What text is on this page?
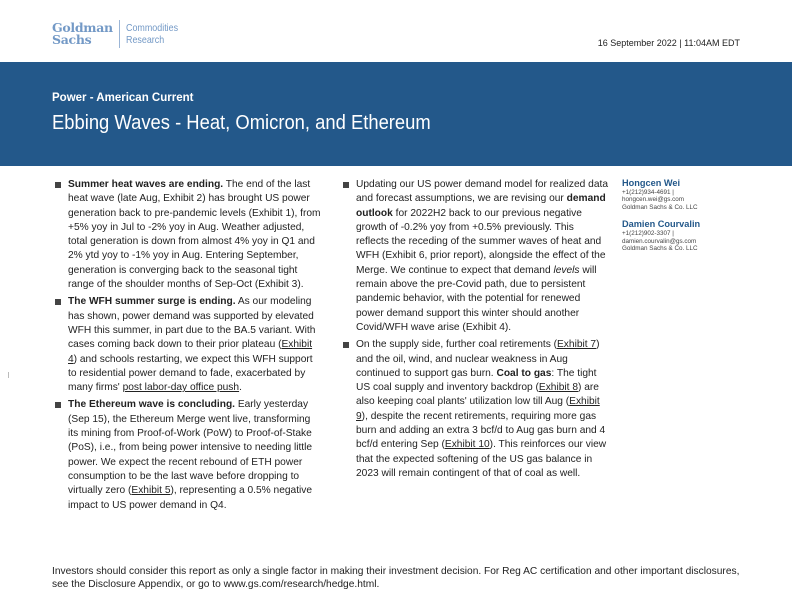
Goldman
Sachs
Commodities
Research	16 September 2022 | 11:04AM EDT
Power - American Current
Ebbing Waves - Heat, Omicron, and Ethereum
Summer heat waves are ending. The end of the last heat wave (late Aug, Exhibit 2) has brought US power generation back to pre-pandemic levels (Exhibit 1), from +5% yoy in Jul to -2% yoy in Aug. Weather adjusted, total generation is down from almost 4% yoy in Q1 and 2% ytd yoy to -1% yoy in Aug. Entering September, generation is converging back to the seasonal tight range of the shoulder months of Sep-Oct (Exhibit 3).
The WFH summer surge is ending. As our modeling has shown, power demand was supported by elevated WFH this summer, in part due to the BA.5 variant. With cases coming back down to their prior plateau (Exhibit 4) and schools restarting, we expect this WFH support to residential power demand to fade, exacerbated by many firms' post labor-day office push.
The Ethereum wave is concluding. Early yesterday (Sep 15), the Ethereum Merge went live, transforming its mining from Proof-of-Work (PoW) to Proof-of-Stake (PoS), i.e., from being power intensive to needing little power. We expect the recent rebound of ETH power consumption to be the last wave before dropping to virtually zero (Exhibit 5), representing a 0.5% negative impact to US power demand in Q4.
Updating our US power demand model for realized data and forecast assumptions, we are revising our demand outlook for 2022H2 back to our previous negative growth of -0.2% yoy from +0.5% previously. This reflects the receding of the summer waves of heat and WFH (Exhibit 6, prior report), alongside the effect of the Merge. We continue to expect that demand levels will remain above the pre-Covid path, due to persistent pandemic behavior, with the potential for renewed power demand support this winter should another Covid/WFH wave arise (Exhibit 4).
On the supply side, further coal retirements (Exhibit 7) and the oil, wind, and nuclear weakness in Aug continued to support gas burn. Coal to gas: The tight US coal supply and inventory backdrop (Exhibit 8) are also keeping coal plants' utilization low till Aug (Exhibit 9), despite the recent retirements, requiring more gas burn and adding an extra 3 bcf/d to Aug gas burn and 4 bcf/d entering Sep (Exhibit 10). This reinforces our view that the expected softening of the US gas balance in 2023 will remain contingent of that of coal as well.
Hongcen Wei
+1(212)934-4691 |
hongcen.wei@gs.com
Goldman Sachs & Co. LLC
Damien Courvalin
+1(212)902-3307 |
damien.courvalin@gs.com
Goldman Sachs & Co. LLC
Investors should consider this report as only a single factor in making their investment decision. For Reg AC certification and other important disclosures, see the Disclosure Appendix, or go to www.gs.com/research/hedge.html.
